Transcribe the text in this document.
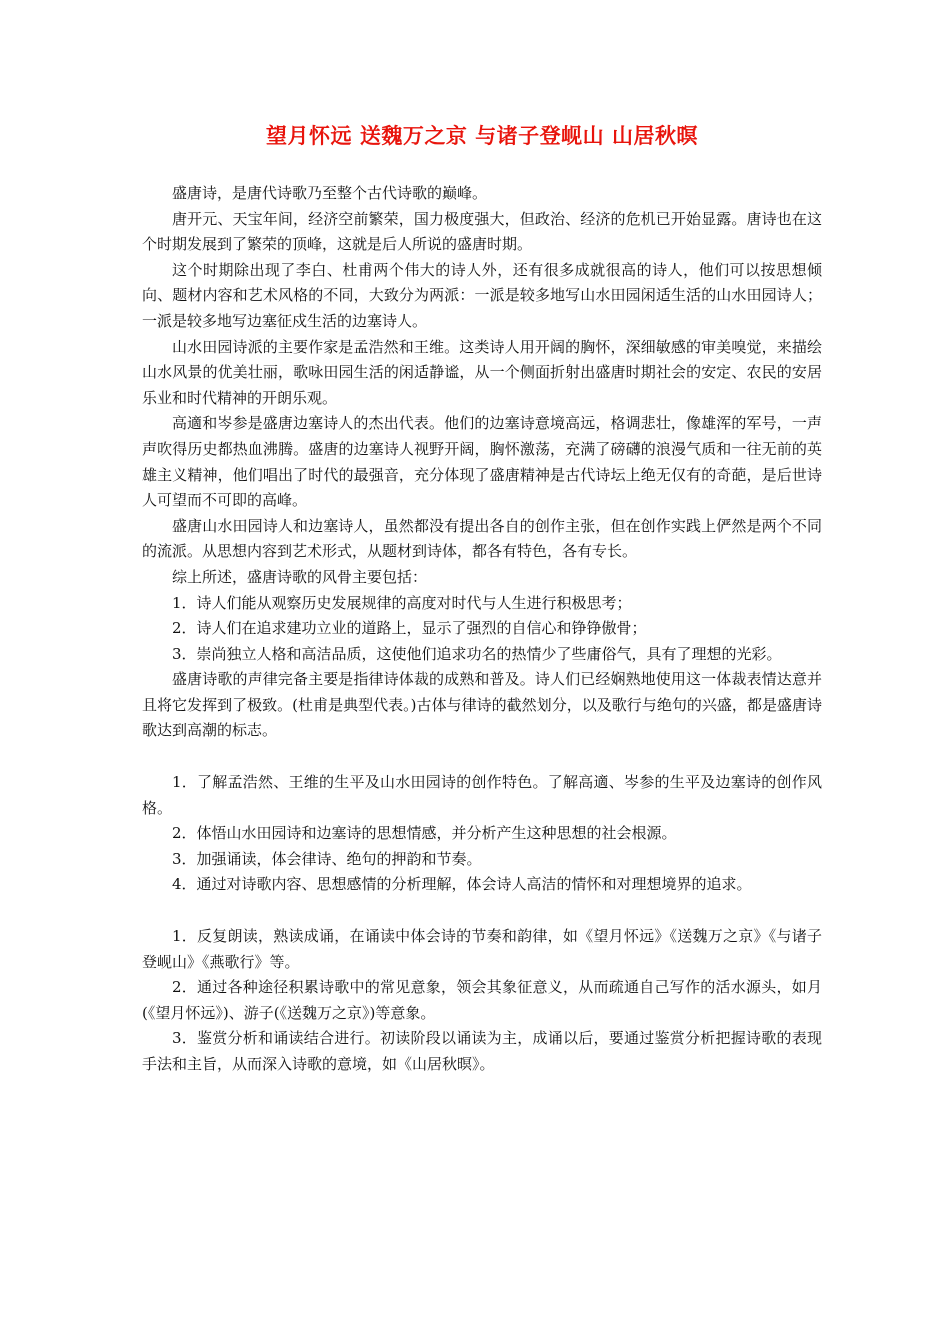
望月怀远 送魏万之京 与诸子登岘山 山居秋暝

盛唐诗，是唐代诗歌乃至整个古代诗歌的巅峰。

唐开元、天宝年间，经济空前繁荣，国力极度强大，但政治、经济的危机已开始显露。唐诗也在这个时期发展到了繁荣的顶峰，这就是后人所说的盛唐时期。

这个时期除出现了李白、杜甫两个伟大的诗人外，还有很多成就很高的诗人，他们可以按思想倾向、题材内容和艺术风格的不同，大致分为两派：一派是较多地写山水田园闲适生活的山水田园诗人；一派是较多地写边塞征戍生活的边塞诗人。

山水田园诗派的主要作家是孟浩然和王维。这类诗人用开阔的胸怀，深细敏感的审美嗅觉，来描绘山水风景的优美壮丽，歌咏田园生活的闲适静谧，从一个侧面折射出盛唐时期社会的安定、农民的安居乐业和时代精神的开朗乐观。

高適和岑参是盛唐边塞诗人的杰出代表。他们的边塞诗意境高远，格调悲壮，像雄浑的军号，一声声吹得历史都热血沸腾。盛唐的边塞诗人视野开阔，胸怀激荡，充满了磅礴的浪漫气质和一往无前的英雄主义精神，他们唱出了时代的最强音，充分体现了盛唐精神是古代诗坛上绝无仅有的奇葩，是后世诗人可望而不可即的高峰。

盛唐山水田园诗人和边塞诗人，虽然都没有提出各自的创作主张，但在创作实践上俨然是两个不同的流派。从思想内容到艺术形式，从题材到诗体，都各有特色，各有专长。

综上所述，盛唐诗歌的风骨主要包括：

1．诗人们能从观察历史发展规律的高度对时代与人生进行积极思考；

2．诗人们在追求建功立业的道路上，显示了强烈的自信心和铮铮傲骨；

3．崇尚独立人格和高洁品质，这使他们追求功名的热情少了些庸俗气，具有了理想的光彩。

盛唐诗歌的声律完备主要是指律诗体裁的成熟和普及。诗人们已经娴熟地使用这一体裁表情达意并且将它发挥到了极致。(杜甫是典型代表。)古体与律诗的截然划分，以及歌行与绝句的兴盛，都是盛唐诗歌达到高潮的标志。

1．了解孟浩然、王维的生平及山水田园诗的创作特色。了解高適、岑参的生平及边塞诗的创作风格。

2．体悟山水田园诗和边塞诗的思想情感，并分析产生这种思想的社会根源。

3．加强诵读，体会律诗、绝句的押韵和节奏。

4．通过对诗歌内容、思想感情的分析理解，体会诗人高洁的情怀和对理想境界的追求。

1．反复朗读，熟读成诵，在诵读中体会诗的节奏和韵律，如《望月怀远》《送魏万之京》《与诸子登岘山》《燕歌行》等。

2．通过各种途径积累诗歌中的常见意象，领会其象征意义，从而疏通自己写作的活水源头，如月(《望月怀远》)、游子(《送魏万之京》)等意象。

3．鉴赏分析和诵读结合进行。初读阶段以诵读为主，成诵以后，要通过鉴赏分析把握诗歌的表现手法和主旨，从而深入诗歌的意境，如《山居秋暝》。
